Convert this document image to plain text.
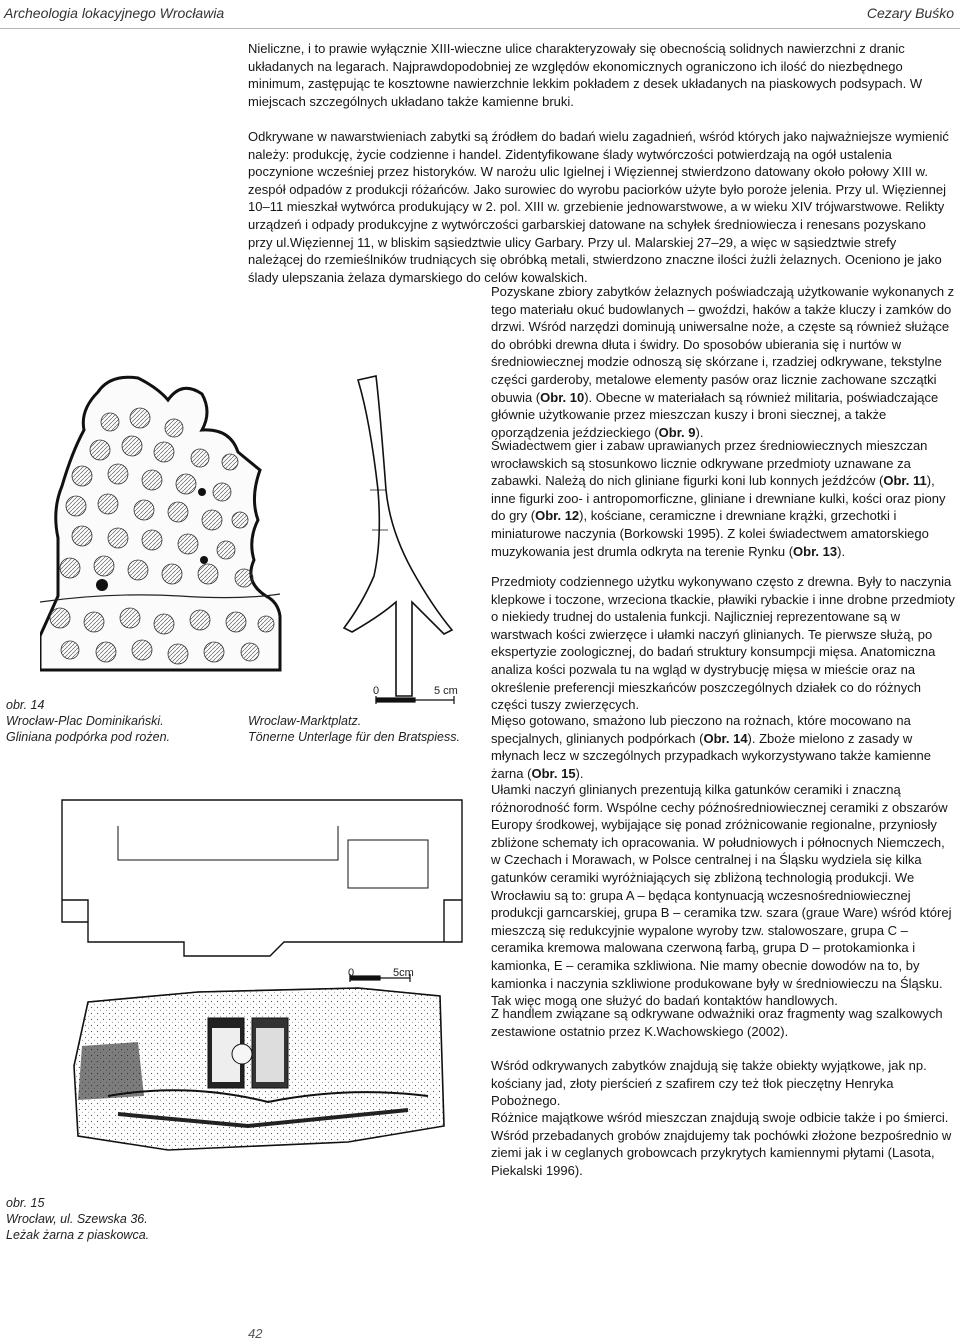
Archeologia lokacyjnego Wrocławia	Cezary Buśko

Nieliczne, i to prawie wyłącznie XIII-wieczne ulice charakteryzowały się obecnością solidnych nawierzchni z dranic układanych na legarach. Najprawdopodobniej ze względów ekonomicznych ograniczono ich ilość do niezbędnego minimum, zastępując te kosztowne nawierzchnie lekkim pokładem z desek układanych na piaskowych podsypach. W miejscach szczególnych układano także kamienne bruki.

Odkrywane w nawarstwieniach zabytki są źródłem do badań wielu zagadnień, wśród których jako najważniejsze wymienić należy: produkcję, życie codzienne i handel. Zidentyfikowane ślady wytwórczości potwierdzają na ogół ustalenia poczynione wcześniej przez historyków. W narożu ulic Igielnej i Więziennej stwierdzono datowany około połowy XIII w. zespół odpadów z produkcji różańców. Jako surowiec do wyrobu paciorków użyte było poroże jelenia. Przy ul. Więziennej 10–11 mieszkał wytwórca produkujący w 2. pol. XIII w. grzebienie jednowarstwowe, a w wieku XIV trójwarstwowe. Relikty urządzeń i odpady produkcyjne z wytwórczości garbarskiej datowane na schyłek średniowiecza i renesans pozyskano przy ul.Więziennej 11, w bliskim sąsiedztwie ulicy Garbary. Przy ul. Malarskiej 27–29, a więc w sąsiedztwie strefy należącej do rzemieślników trudniących się obróbką metali, stwierdzono znaczne ilości żużli żelaznych. Oceniono je jako ślady ulepszania żelaza dymarskiego do celów kowalskich.

Pozyskane zbiory zabytków żelaznych poświadczają użytkowanie wykonanych z tego materiału okuć budowlanych – gwoździ, haków a także kluczy i zamków do drzwi. Wśród narzędzi dominują uniwersalne noże, a częste są również służące do obróbki drewna dłuta i świdry. Do sposobów ubierania się i nurtów w średniowiecznej modzie odnoszą się skórzane i, rzadziej odkrywane, tekstylne części garderoby, metalowe elementy pasów oraz licznie zachowane szczątki obuwia (Obr. 10). Obecne w materiałach są również militaria, poświadczające głównie użytkowanie przez mieszczan kuszy i broni siecznej, a także oporządzenia jeździeckiego (Obr. 9).

Świadectwem gier i zabaw uprawianych przez średniowiecznych mieszczan wrocławskich są stosunkowo licznie odkrywane przedmioty uznawane za zabawki. Należą do nich gliniane figurki koni lub konnych jeźdźców (Obr. 11), inne figurki zoo- i antropomorficzne, gliniane i drewniane kulki, kości oraz piony do gry (Obr. 12), kościane, ceramiczne i drewniane krążki, grzechotki i miniaturowe naczynia (Borkowski 1995). Z kolei świadectwem amatorskiego muzykowania jest drumla odkryta na terenie Rynku (Obr. 13).

Przedmioty codziennego użytku wykonywano często z drewna. Były to naczynia klepkowe i toczone, wrzeciona tkackie, pławiki rybackie i inne drobne przedmioty o niekiedy trudnej do ustalenia funkcji. Najliczniej reprezentowane są w warstwach kości zwierzęce i ułamki naczyń glinianych. Te pierwsze służą, po ekspertyzie zoologicznej, do badań struktury konsumpcji mięsa. Anatomiczna analiza kości pozwala tu na wgląd w dystrybucję mięsa w mieście oraz na określenie preferencji mieszkańców poszczególnych działek co do różnych części tuszy zwierzęcych.

Mięso gotowano, smażono lub pieczono na rożnach, które mocowano na specjalnych, glinianych podpórkach (Obr. 14). Zboże mielono z zasady w młynach lecz w szczególnych przypadkach wykorzystywano także kamienne żarna (Obr. 15).

Ułamki naczyń glinianych prezentują kilka gatunków ceramiki i znaczną różnorodność form. Wspólne cechy późnośredniowiecznej ceramiki z obszarów Europy środkowej, wybijające się ponad zróżnicowanie regionalne, przyniosły zbliżone schematy ich opracowania. W południowych i północnych Niemczech, w Czechach i Morawach, w Polsce centralnej i na Śląsku wydziela się kilka gatunków ceramiki wyróżniających się zbliżoną technologią produkcji. We Wrocławiu są to: grupa A – będąca kontynuacją wczesnośredniowiecznej produkcji garncarskiej, grupa B – ceramika tzw. szara (graue Ware) wśród której mieszczą się redukcyjnie wypalone wyroby tzw. stalowoszare, grupa C – ceramika kremowa malowana czerwoną farbą, grupa D – protokamionka i kamionka, E – ceramika szkliwiona. Nie mamy obecnie dowodów na to, by kamionka i naczynia szkliwione produkowane były w średniowieczu na Śląsku. Tak więc mogą one służyć do badań kontaktów handlowych.

Z handlem związane są odkrywane odważniki oraz fragmenty wag szalkowych zestawione ostatnio przez K.Wachowskiego (2002).

Wśród odkrywanych zabytków znajdują się także obiekty wyjątkowe, jak np. kościany jad, złoty pierścień z szafirem czy też tłok pieczętny Henryka Pobożnego.

Różnice majątkowe wśród mieszczan znajdują swoje odbicie także i po śmierci. Wśród przebadanych grobów znajdujemy tak pochówki złożone bezpośrednio w ziemi jak i w ceglanych grobowcach przykrytych kamiennymi płytami (Lasota, Piekalski 1996).

0	5 cm
obr. 14
Wrocław-Plac Dominikański.
Gliniana podpórka pod rożen.
Wroclaw-Marktplatz.
Tönerne Unterlage für den Bratspiess.
0	5cm
obr. 15
Wrocław, ul. Szewska 36.
Leżak żarna z piaskowca.
42
